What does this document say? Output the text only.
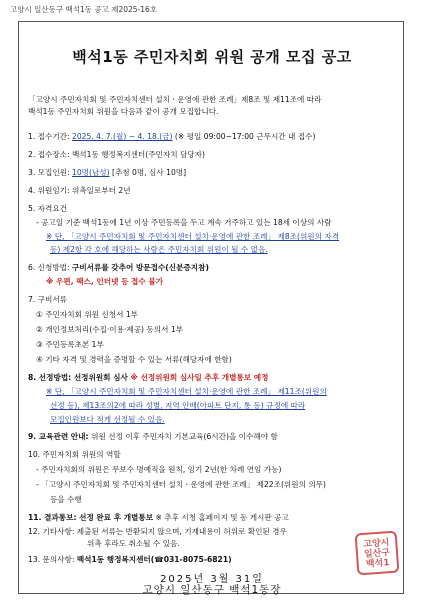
고양시 일산동구 백석1동 공고 제2025-16호
백석1동 주민자치회 위원 공개 모집 공고
「고양시 주민자치회 및 주민자치센터 설치ㆍ운영에 관한 조례」제8조 및 제11조에 따라
백석1동 주민자치회 위원을 다음과 같이 공개 모집합니다.
1. 접수기간: 2025. 4. 7.(월) ~ 4. 18.(금) (※ 평일 09:00~17:00 근무시간 내 접수)
2. 접수장소: 백석1동 행정복지센터(주민자치 담당자)
3. 모집인원: 10명(남성) [추첨 0명, 심사 10명]
4. 위원임기: 위촉일로부터 2년
5. 자격요건
- 공고일 기준 백석1동에 1년 이상 주민등록을 두고 계속 거주하고 있는 18세 이상의 사람
※ 단, 「고양시 주민자치회 및 주민자치센터 설치·운영에 관한 조례」 제8조(위원의 자격
등) 제2항 각 호에 해당하는 사람은 주민자치회 위원이 될 수 없음.
6. 신청방법: 구비서류를 갖추어 방문접수(신분증지참)
※ 우편, 팩스, 인터넷 등 접수 불가
7. 구비서류
① 주민자치회 위원 신청서 1부
② 개인정보처리(수집·이용·제공) 동의서 1부
③ 주민등록초본 1부
④ 기타 자격 및 경력을 증명할 수 있는 서류(해당자에 한함)
8. 선정방법: 선정위원회 심사 ※ 선정위원회 심사일 추후 개별통보 예정
※ 단, 「고양시 주민자치회 및 주민자치센터 설치·운영에 관한 조례」 제11조(위원의
선정 등), 제13조의2에 따라 성별, 지역 안배(아파트 단지, 통 등) 규정에 따라
모집인원보다 적게 선정될 수 있음.
9. 교육관련 안내: 위원 선정 이후 주민자치 기본교육(6시간)을 이수해야 함
10. 주민자치회 위원의 역할
- 주민자치회의 위원은 무보수 명예직을 원칙, 임기 2년(한 차례 연임 가능)
- 「고양시 주민자치회 및 주민자치센터 설치ㆍ운영에 관한 조례」 제22조(위원의 의무)
등을 수행
11. 결과통보: 선정 완료 후 개별통보 ※ 추후 시청 홈페이지 및 동 게시판 공고
12. 기타사항: 제출된 서류는 반환되지 않으며, 기재내용이 허위로 확인된 경우
위촉 후라도 취소될 수 있음.
13. 문의사항: 백석1동 행정복지센터(☎031-8075-6821)
2025년 3월 31일
고양시 일산동구 백석1동장
고양시
일산구
백석1
